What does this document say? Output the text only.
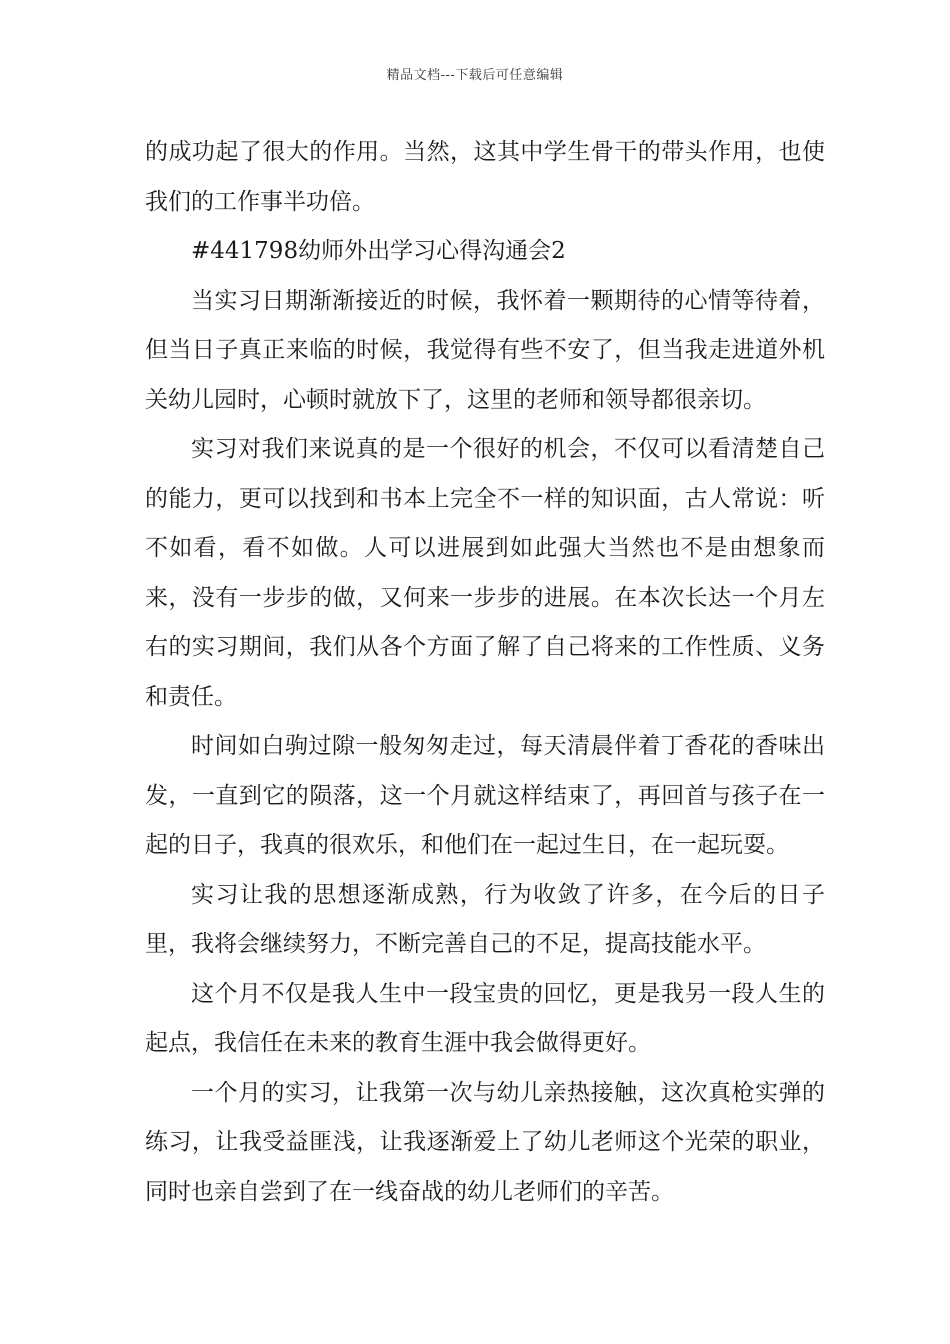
精品文档---下载后可任意编辑

的成功起了很大的作用。当然，这其中学生骨干的带头作用，也使我们的工作事半功倍。

#441798幼师外出学习心得沟通会2

当实习日期渐渐接近的时候，我怀着一颗期待的心情等待着，但当日子真正来临的时候，我觉得有些不安了，但当我走进道外机关幼儿园时，心顿时就放下了，这里的老师和领导都很亲切。

实习对我们来说真的是一个很好的机会，不仅可以看清楚自己的能力，更可以找到和书本上完全不一样的知识面，古人常说：听不如看，看不如做。人可以进展到如此强大当然也不是由想象而来，没有一步步的做，又何来一步步的进展。在本次长达一个月左右的实习期间，我们从各个方面了解了自己将来的工作性质、义务和责任。

时间如白驹过隙一般匆匆走过，每天清晨伴着丁香花的香味出发，一直到它的陨落，这一个月就这样结束了，再回首与孩子在一起的日子，我真的很欢乐，和他们在一起过生日，在一起玩耍。

实习让我的思想逐渐成熟，行为收敛了许多，在今后的日子里，我将会继续努力，不断完善自己的不足，提高技能水平。

这个月不仅是我人生中一段宝贵的回忆，更是我另一段人生的起点，我信任在未来的教育生涯中我会做得更好。

一个月的实习，让我第一次与幼儿亲热接触，这次真枪实弹的练习，让我受益匪浅，让我逐渐爱上了幼儿老师这个光荣的职业，同时也亲自尝到了在一线奋战的幼儿老师们的辛苦。
